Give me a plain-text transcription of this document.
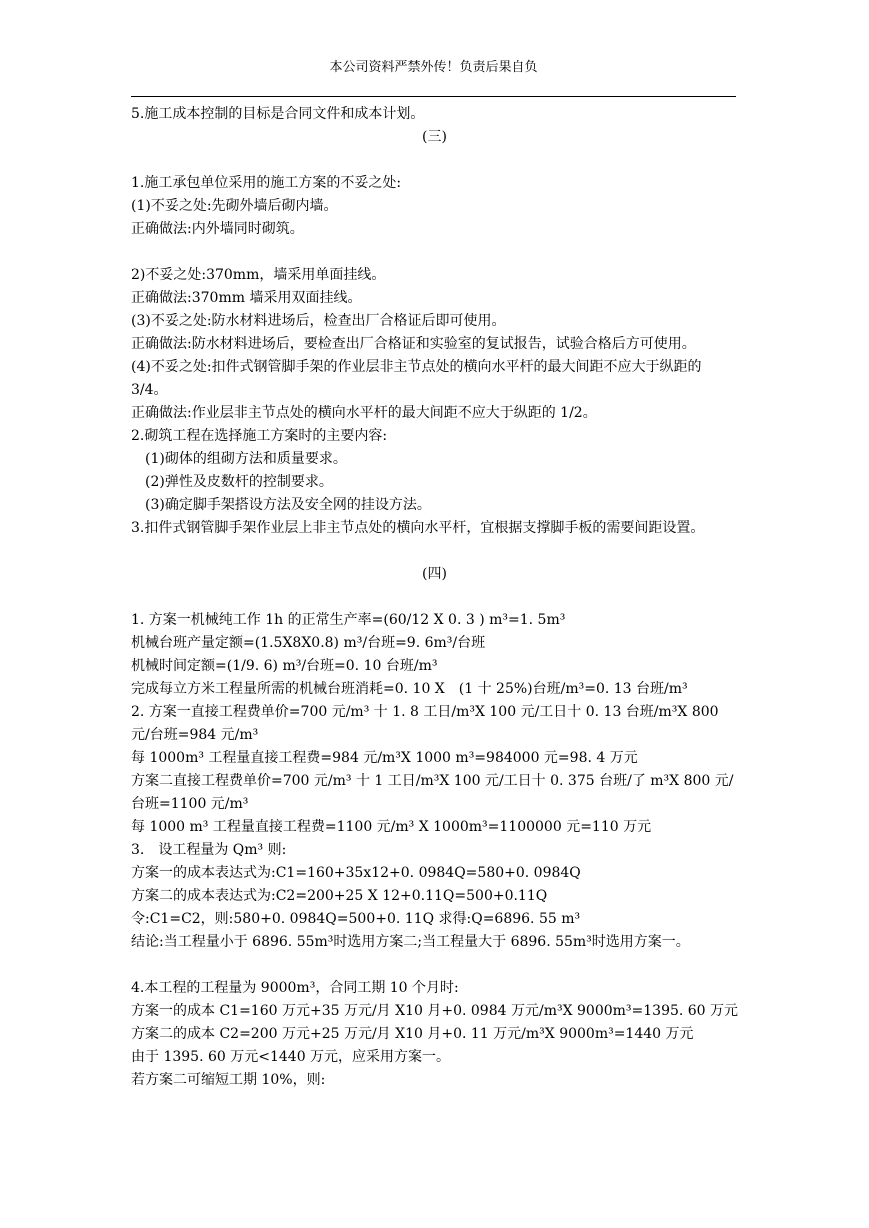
本公司资料严禁外传！负责后果自负
5.施工成本控制的目标是合同文件和成本计划。
(三)
1.施工承包单位采用的施工方案的不妥之处:
(1)不妥之处:先砌外墙后砌内墙。
正确做法:内外墙同时砌筑。
2)不妥之处:370mm，墙采用单面挂线。
正确做法:370mm 墙采用双面挂线。
(3)不妥之处:防水材料进场后，检查出厂合格证后即可使用。
正确做法:防水材料进场后，要检查出厂合格证和实验室的复试报告，试验合格后方可使用。
(4)不妥之处:扣件式钢管脚手架的作业层非主节点处的横向水平杆的最大间距不应大于纵距的 3/4。
正确做法:作业层非主节点处的横向水平杆的最大间距不应大于纵距的 1/2。
2.砌筑工程在选择施工方案时的主要内容:
(1)砌体的组砌方法和质量要求。
(2)弹性及皮数杆的控制要求。
(3)确定脚手架搭设方法及安全网的挂设方法。
3.扣件式钢管脚手架作业层上非主节点处的横向水平杆，宜根据支撑脚手板的需要间距设置。
(四)
1. 方案一机械纯工作 1h 的正常生产率=(60/12 X 0. 3 ) m³=1. 5m³
机械台班产量定额=(1.5X8X0.8) m³/台班=9. 6m³/台班
机械时间定额=(1/9. 6) m³/台班=0. 10 台班/m³
完成每立方米工程量所需的机械台班消耗=0. 10 X　(1 十 25%)台班/m³=0. 13 台班/m³
2. 方案一直接工程费单价=700 元/m³ 十 1. 8 工日/m³X 100 元/工日十 0. 13 台班/m³X 800 元/台班=984 元/m³
每 1000m³ 工程量直接工程费=984 元/m³X 1000 m³=984000 元=98. 4 万元
方案二直接工程费单价=700 元/m³ 十 1 工日/m³X 100 元/工日十 0. 375 台班/了 m³X 800 元/台班=1100 元/m³
每 1000 m³ 工程量直接工程费=1100 元/m³ X 1000m³=1100000 元=110 万元
3.　设工程量为 Qm³ 则:
方案一的成本表达式为:C1=160+35x12+0. 0984Q=580+0. 0984Q
方案二的成本表达式为:C2=200+25 X 12+0.11Q=500+0.11Q
令:C1=C2，则:580+0. 0984Q=500+0. 11Q 求得:Q=6896. 55 m³
结论:当工程量小于 6896. 55m³时选用方案二;当工程量大于 6896. 55m³时选用方案一。
4.本工程的工程量为 9000m³，合同工期 10 个月时:
方案一的成本 C1=160 万元+35 万元/月 X10 月+0. 0984 万元/m³X 9000m³=1395. 60 万元
方案二的成本 C2=200 万元+25 万元/月 X10 月+0. 11 万元/m³X 9000m³=1440 万元
由于 1395. 60 万元<1440 万元，应采用方案一。
若方案二可缩短工期 10%，则:
